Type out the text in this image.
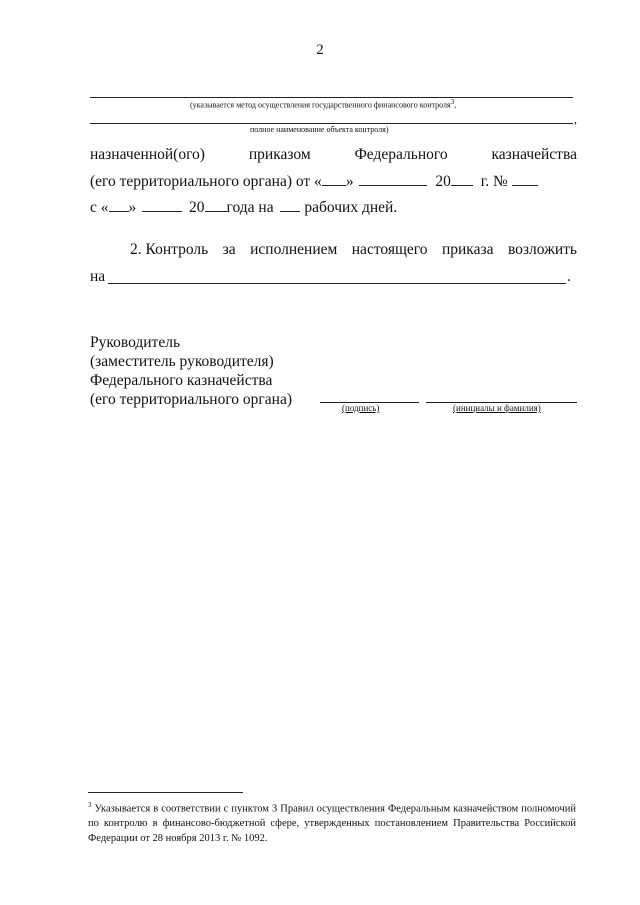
2
(указывается метод осуществления государственного финансового контроля3,
,
полное наименование объекта контроля)
назначенной(ого)	приказом	Федерального	казначейства
(его территориального органа) от « »	20 г. №
с « »	20 года на рабочих дней.
2. Контроль за исполнением настоящего приказа возложить
на	.
Руководитель
(заместитель руководителя)
Федерального казначейства
(его территориального органа)	(подпись)	(инициалы и фамилия)
$^3$ Указывается в соответствии с пунктом 3 Правил осуществления Федеральным казначейством полномочий по контролю в финансово-бюджетной сфере, утвержденных постановлением Правительства Российской Федерации от 28 ноября 2013 г. № 1092.
